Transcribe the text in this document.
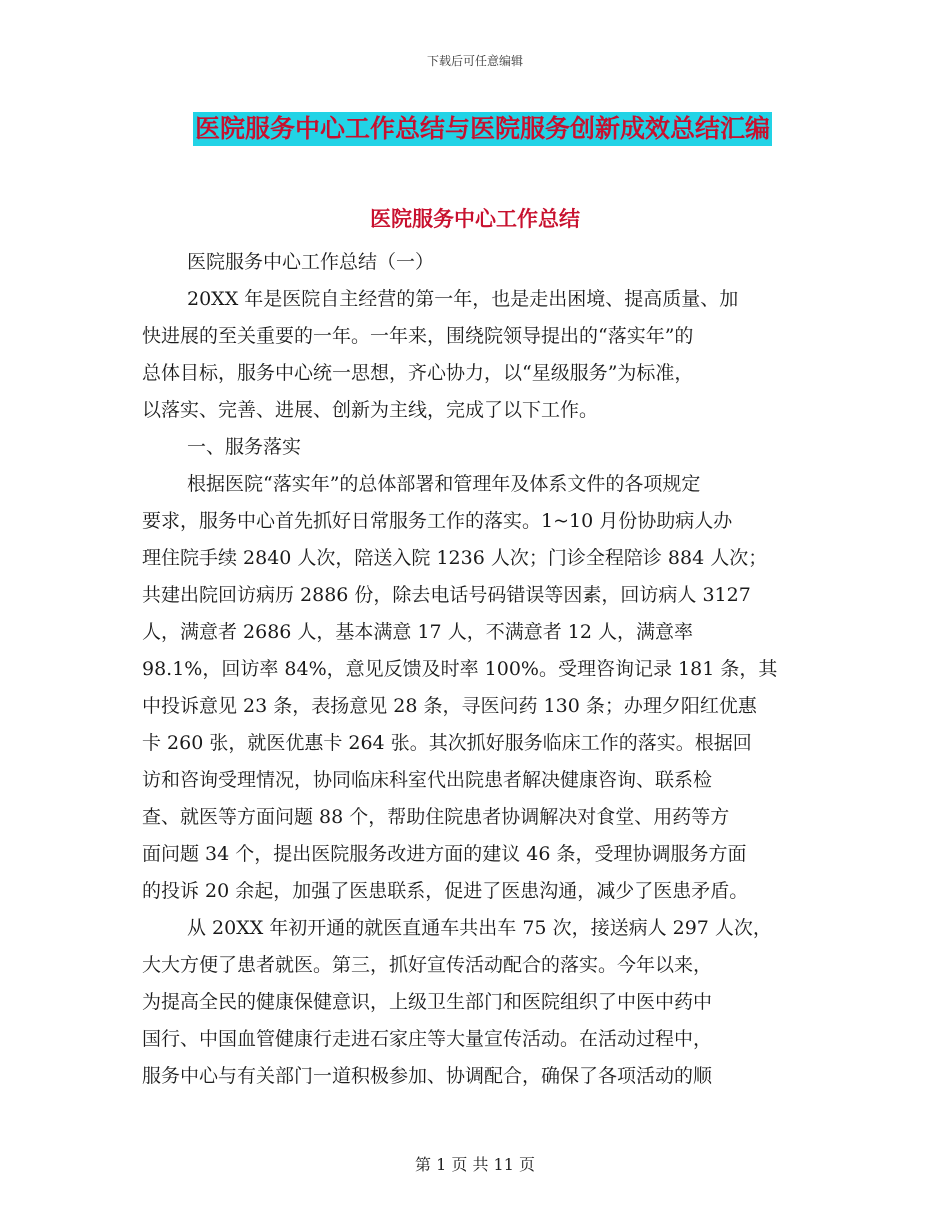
下载后可任意编辑
医院服务中心工作总结与医院服务创新成效总结汇编
医院服务中心工作总结
医院服务中心工作总结（一）
20XX 年是医院自主经营的第一年，也是走出困境、提高质量、加
快进展的至关重要的一年。一年来，围绕院领导提出的“落实年”的
总体目标，服务中心统一思想，齐心协力，以“星级服务”为标准，
以落实、完善、进展、创新为主线，完成了以下工作。
一、服务落实
根据医院“落实年”的总体部署和管理年及体系文件的各项规定
要求，服务中心首先抓好日常服务工作的落实。1~10 月份协助病人办
理住院手续 2840 人次，陪送入院 1236 人次；门诊全程陪诊 884 人次；
共建出院回访病历 2886 份，除去电话号码错误等因素，回访病人 3127
人，满意者 2686 人，基本满意 17 人，不满意者 12 人，满意率
98.1%，回访率 84%，意见反馈及时率 100%。受理咨询记录 181 条，其
中投诉意见 23 条，表扬意见 28 条，寻医问药 130 条；办理夕阳红优惠
卡 260 张，就医优惠卡 264 张。其次抓好服务临床工作的落实。根据回
访和咨询受理情况，协同临床科室代出院患者解决健康咨询、联系检
查、就医等方面问题 88 个，帮助住院患者协调解决对食堂、用药等方
面问题 34 个，提出医院服务改进方面的建议 46 条，受理协调服务方面
的投诉 20 余起，加强了医患联系，促进了医患沟通，减少了医患矛盾。
从 20XX 年初开通的就医直通车共出车 75 次，接送病人 297 人次，
大大方便了患者就医。第三，抓好宣传活动配合的落实。今年以来，
为提高全民的健康保健意识，上级卫生部门和医院组织了中医中药中
国行、中国血管健康行走进石家庄等大量宣传活动。在活动过程中，
服务中心与有关部门一道积极参加、协调配合，确保了各项活动的顺
第 1 页 共 11 页
